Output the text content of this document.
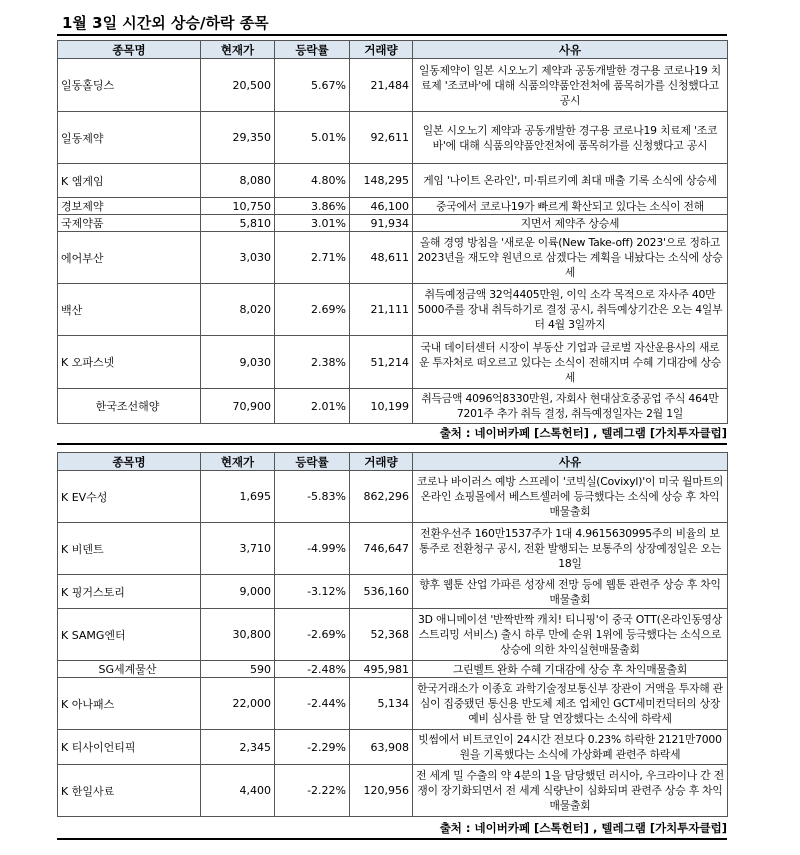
1월 3일 시간외 상승/하락 종목
종목명	현재가	등락률	거래량	사유
일동홀딩스	20,500	5.67%	21,484	일동제약이 일본 시오노기 제약과 공동개발한 경구용 코로나19 치료제 '조코바'에 대해 식품의약품안전처에 품목허가를 신청했다고 공시
일동제약	29,350	5.01%	92,611	일본 시오노기 제약과 공동개발한 경구용 코로나19 치료제 '조코바'에 대해 식품의약품안전처에 품목허가를 신청했다고 공시
K 엠게임	8,080	4.80%	148,295	게임 '나이트 온라인', 미·튀르키예 최대 매출 기록 소식에 상승세
경보제약	10,750	3.86%	46,100	중국에서 코로나19가 빠르게 확산되고 있다는 소식이 전해
국제약품	5,810	3.01%	91,934	지면서 제약주 상승세
에어부산	3,030	2.71%	48,611	올해 경영 방침을 '새로운 이륙(New Take-off) 2023'으로 정하고 2023년을 재도약 원년으로 삼겠다는 계획을 내놨다는 소식에 상승세
백산	8,020	2.69%	21,111	취득예정금액 32억4405만원, 이익 소각 목적으로 자사주 40만5000주를 장내 취득하기로 결정 공시, 취득예상기간은 오는 4일부터 4월 3일까지
K 오파스넷	9,030	2.38%	51,214	국내 데이터센터 시장이 부동산 기업과 글로벌 자산운용사의 새로운 투자처로 떠오르고 있다는 소식이 전해지며 수혜 기대감에 상승세
한국조선해양	70,900	2.01%	10,199	취득금액 4096억8330만원, 자회사 현대삼호중공업 주식 464만7201주 추가 취득 결정, 취득예정일자는 2월 1일
출처 : 네이버카페 [스톡헌터] , 텔레그램 [가치투자클럽]
종목명	현재가	등락률	거래량	사유
K EV수성	1,695	-5.83%	862,296	코로나 바이러스 예방 스프레이 '코빅실(Covixyl)'이 미국 월마트의 온라인 쇼핑몰에서 베스트셀러에 등극했다는 소식에 상승 후 차익매물출회
K 비덴트	3,710	-4.99%	746,647	전환우선주 160만1537주가 1대 4.9615630995주의 비율의 보통주로 전환청구 공시, 전환 발행되는 보통주의 상장예정일은 오는 18일
K 핑거스토리	9,000	-3.12%	536,160	향후 웹툰 산업 가파른 성장세 전망 등에 웹툰 관련주 상승 후 차익매물출회
K SAMG엔터	30,800	-2.69%	52,368	3D 애니메이션 '반짝반짝 캐치! 티니핑'이 중국 OTT(온라인동영상 스트리밍 서비스) 출시 하루 만에 순위 1위에 등극했다는 소식으로 상승에 의한 차익실현매물출회
SG세계물산	590	-2.48%	495,981	그린벨트 완화 수혜 기대감에 상승 후 차익매물출회
K 아나패스	22,000	-2.44%	5,134	한국거래소가 이종호 과학기술정보통신부 장관이 거액을 투자해 관심이 집중됐던 통신용 반도체 제조 업체인 GCT세미컨덕터의 상장 예비 심사를 한 달 연장했다는 소식에 하락세
K 티사이언티픽	2,345	-2.29%	63,908	빗썸에서 비트코인이 24시간 전보다 0.23% 하락한 2121만7000원을 기록했다는 소식에 가상화폐 관련주 하락세
K 한일사료	4,400	-2.22%	120,956	전 세계 밀 수출의 약 4분의 1을 담당했던 러시아, 우크라이나 간 전쟁이 장기화되면서 전 세계 식량난이 심화되며 관련주 상승 후 차익매물출회
출처 : 네이버카페 [스톡헌터] , 텔레그램 [가치투자클럽]
